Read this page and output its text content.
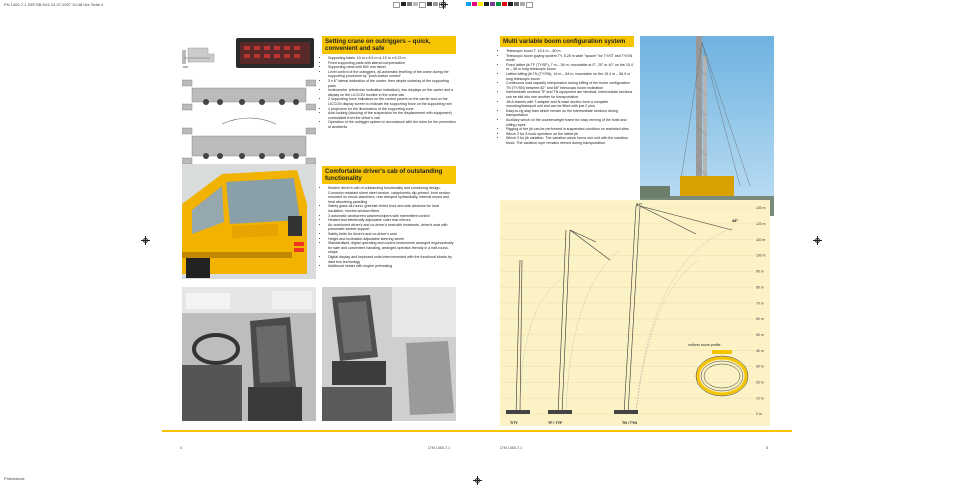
PN 1400-7.1 DEFGB.fh11 24.07.2007 10:48 Uhr Seite 4
Probedruck
600
Setting crane on outriggers – quick, convenient and safe
• Supporting basis: 10 m x 8.5 m or 10 m x 6.23 m
• Fixed supporting pads with lateral compensation
• Supporting rams with 600 mm travel
• Level control of the outriggers, all-automatic levelling of the crane during the supporting procedure by "push-button control"
• 3 x 6° lateral inclination of the carrier, then simple underlay of the supporting pads
• Inclinometer (electronic inclination indication), two displays on the carrier and a display on the LICCON monitor in the crane cab
• 2 supporting force indicators on the control panels on the carrier and on the LICCON display screen to indicate the supporting force on the supporting ram
• 4 projectors for the illumination of the supporting zone
• Axle-locking (blocking of the suspension for the displacement with equipment) controllable from the driver's cab
• Operation of the outrigger system in accordance with the rules for the prevention of accidents
Comfortable driver's cab of outstanding functionality
• Modern driver's cab of outstanding functionality and convincing design. Corrosion resistant sheet steel version, cataphoretic dip-primed, front section mounted on shock-absorbers, rear damped hydraulically, internal sound and heat absorbing panelling
• Safety glass all-round, greenish tinted front and side windows for heat insulation, electric window lifters
• 3 automatic windscreen washers/wipers with intermittent control
• Heated and electrically adjustable outer rear mirrors
• Air-cushioned driver's and co-driver's seat with headrests, driver's seat with pneumatic lumber support
• Safety belts for driver's and co-driver's seat
• Height and inclination adjustable steering wheel
• Standardised, digital operating and control instruments arranged ergonomically for safe and convenient handling, arranged operator-friendly in a half-round-shape
• Digital display and keyboard units interconnected with the functional blocks by data bus technology
• Additional heater with engine preheating
Multi variable boom configuration system
• Telescopic boom T, 15.4 m – 60 m
• Telescopic boom guying system TY, 5.25 m wide "spacer" for TY/ST and TY/SN mode
• Fixed lattice jib TF (TY/SF), 7 m – 56 m, mountable at 0°, 20° or 40° on the 15.4 m – 46 m long telescopic boom
• Lattice luffing jib TN (TY/SN), 14 m – 84 m, mountable on the 15.4 m – 58.9 m long telescopic boom
• Continuous load capacity interpolation during luffing of the boom configuration TN (TY/SN) between 82° and 88° telescopic boom inclination
• Intermediate sections TF and TN equipment are identical, intermediate sections can be slid into one another for transportation
• Jib A-frames with T-adapter and N-base section form a complete mounting/transport unit and can be fitted with just 2 pins
• Easy-to-rig stay bars which remain on the intermediate sections during transportation
• Auxiliary winch on the counterweight frame for easy reeving of the hoist and luffing ropes
• Rigging of the jib can be performed in suspended condition on restricted sites
• Winch 3 for 3-hook operation on the lattice jib
• Winch 3 for jib variation. The variation winch forms one unit with the variation block. The variation rope remains reeved during transportation.
82°
48°
T/TY	TF / TYF	TN / TYN
oviform boom profile
130 m
120 m
110 m
100 m
90 m
80 m
70 m
60 m
50 m
40 m
30 m
20 m
10 m
0 m
4	LTM 1400-7.1	LTM 1400-7.1	5
